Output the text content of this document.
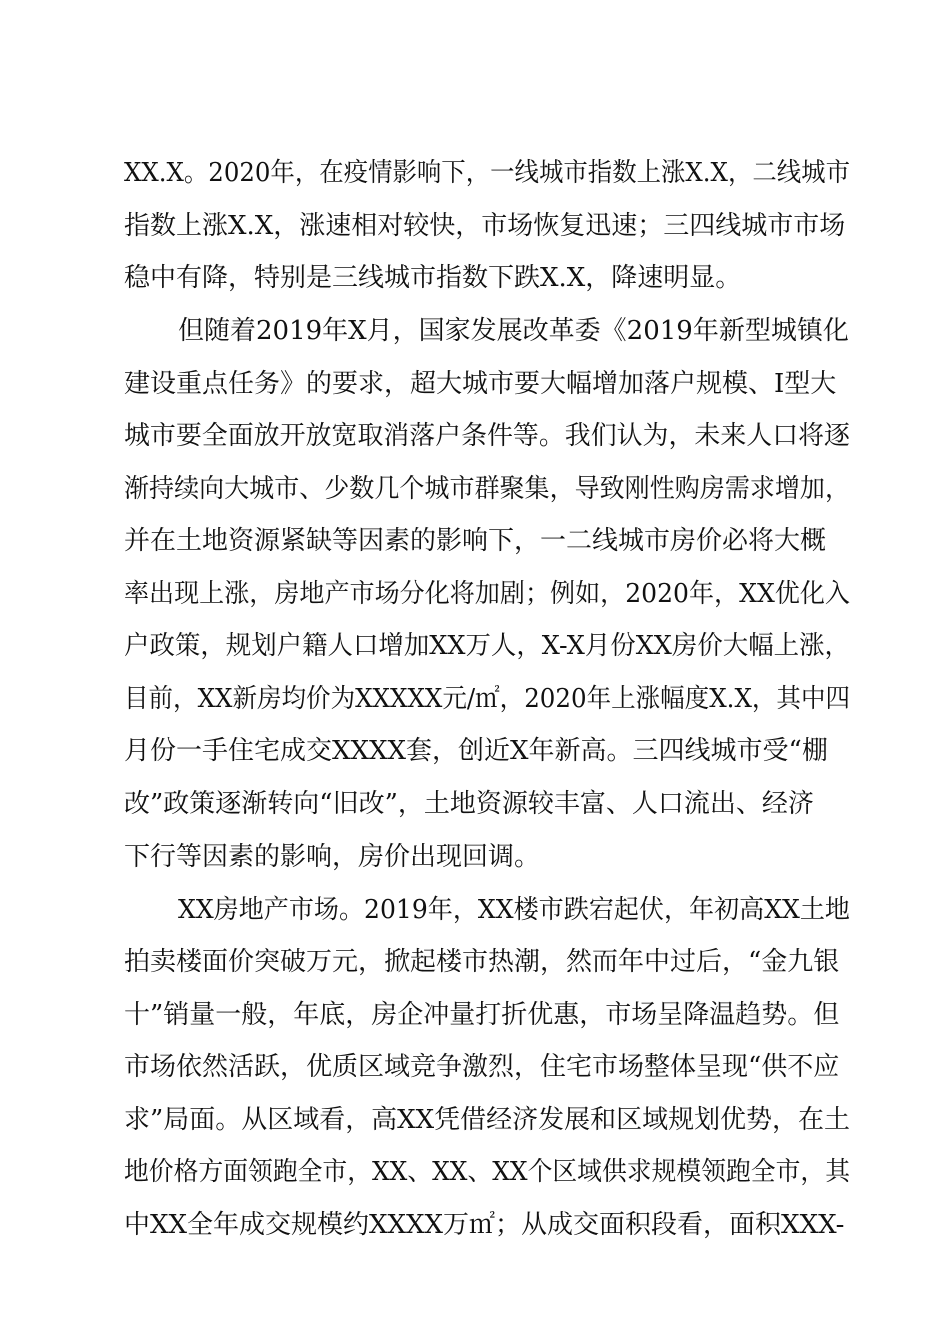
XX.X。2020年，在疫情影响下，一线城市指数上涨X.X，二线城市

指数上涨X.X，涨速相对较快，市场恢复迅速；三四线城市市场

稳中有降，特别是三线城市指数下跌X.X，降速明显。

但随着2019年X月，国家发展改革委《2019年新型城镇化

建设重点任务》的要求，超大城市要大幅增加落户规模、Ⅰ型大

城市要全面放开放宽取消落户条件等。我们认为，未来人口将逐

渐持续向大城市、少数几个城市群聚集，导致刚性购房需求增加，

并在土地资源紧缺等因素的影响下，一二线城市房价必将大概

率出现上涨，房地产市场分化将加剧；例如，2020年，XX优化入

户政策，规划户籍人口增加XX万人，X-X月份XX房价大幅上涨，

目前，XX新房均价为XXXXX元/㎡，2020年上涨幅度X.X，其中四

月份一手住宅成交XXXX套，创近X年新高。三四线城市受“棚

改”政策逐渐转向“旧改”，土地资源较丰富、人口流出、经济

下行等因素的影响，房价出现回调。

XX房地产市场。2019年，XX楼市跌宕起伏，年初高XX土地

拍卖楼面价突破万元，掀起楼市热潮，然而年中过后，“金九银

十”销量一般，年底，房企冲量打折优惠，市场呈降温趋势。但

市场依然活跃，优质区域竞争激烈，住宅市场整体呈现“供不应

求”局面。从区域看，高XX凭借经济发展和区域规划优势，在土

地价格方面领跑全市，XX、XX、XX个区域供求规模领跑全市，其

中XX全年成交规模约XXXX万㎡；从成交面积段看，面积XXX-
